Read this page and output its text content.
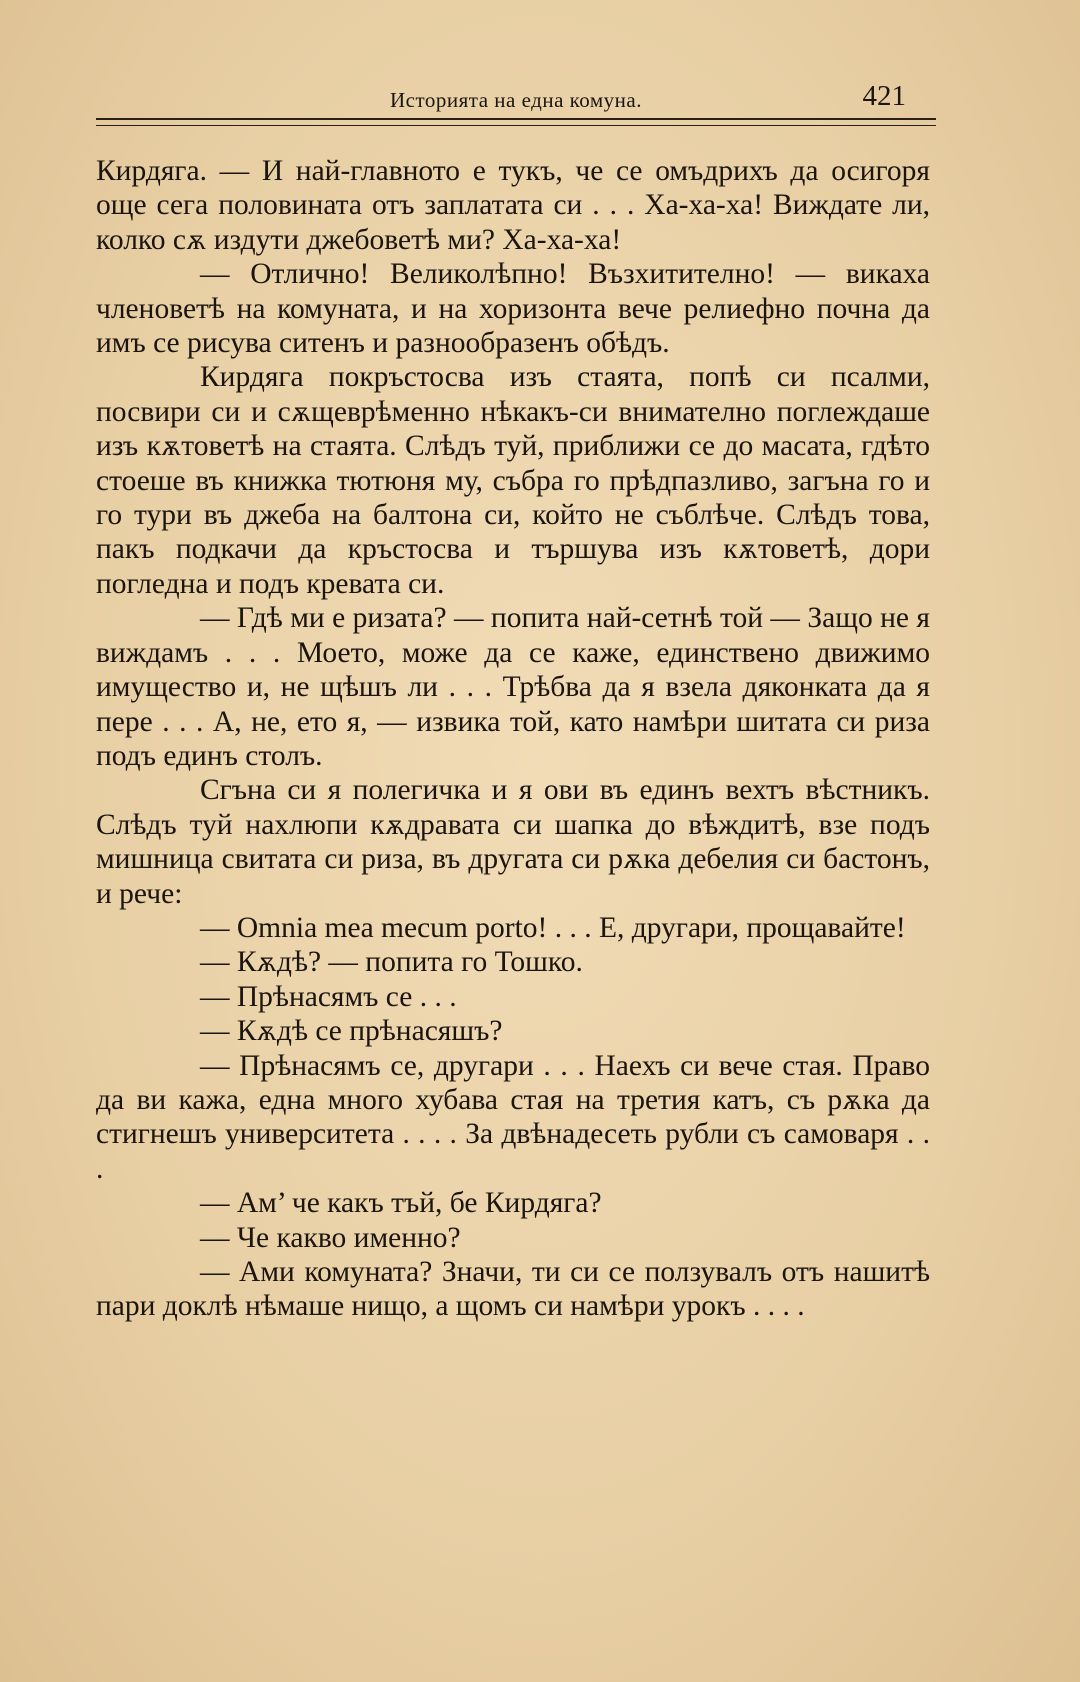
Историята на една комуна.	421

Кирдяга. — И най-главното е тукъ, че се омъдрихъ да осигоря още сега половината отъ заплатата си . . . Ха-ха-ха! Виждате ли, колко сѫ издути джебоветѣ ми? Ха-ха-ха!

— Отлично! Великолѣпно! Възхитително! — викаха членоветѣ на комуната, и на хоризонта вече релиефно почна да имъ се рисува ситенъ и разнообразенъ обѣдъ.

Кирдяга покръстосва изъ стаята, попѣ си псалми, посвири си и сѫщеврѣменно нѣкакъ-си внимателно поглеждаше изъ кѫтоветѣ на стаята. Слѣдъ туй, приближи се до масата, гдѣто стоеше въ книжка тютюня му, събра го прѣдпазливо, загъна го и го тури въ джеба на балтона си, който не съблѣче. Слѣдъ това, пакъ подкачи да кръстосва и тършува изъ кѫтоветѣ, дори погледна и подъ кревата си.

— Гдѣ ми е ризата? — попита най-сетнѣ той — Защо не я виждамъ . . . Моето, може да се каже, единствено движимо имущество и, не щѣшъ ли . . . Трѣбва да я взела дяконката да я пере . . . А, не, ето я, — извика той, като намѣри шитата си риза подъ единъ столъ.

Сгъна си я полегичка и я ови въ единъ вехтъ вѣстникъ. Слѣдъ туй нахлюпи кѫдравата си шапка до вѣждитѣ, взе подъ мишница свитата си риза, въ другата си рѫка дебелия си бастонъ, и рече:

— Omnia mea mecum porto! . . . Е, другари, прощавайте!

— Кѫдѣ? — попита го Тошко.

— Прѣнасямъ се . . .

— Кѫдѣ се прѣнасяшъ?

— Прѣнасямъ се, другари . . . Наехъ си вече стая. Право да ви кажа, една много хубава стая на третия катъ, съ рѫка да стигнешъ университета . . . . За двѣнадесеть рубли съ самоваря . . .

— Ам’ че какъ тъй, бе Кирдяга?

— Че какво именно?

— Ами комуната? Значи, ти си се ползувалъ отъ нашитѣ пари доклѣ нѣмаше нищо, а щомъ си намѣри урокъ . . . .
